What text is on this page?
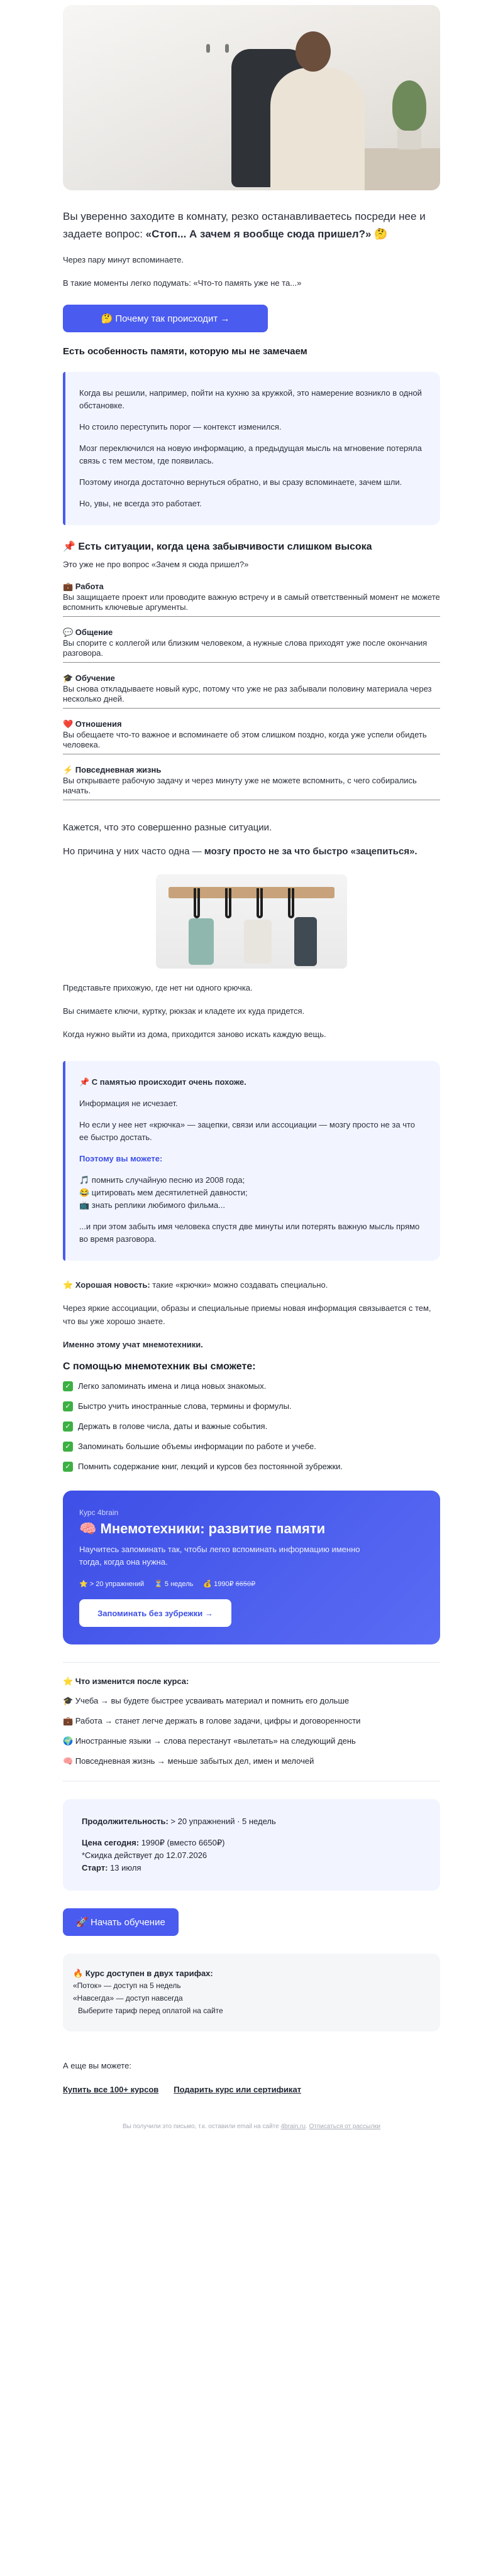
Вы уверенно заходите в комнату, резко останавливаетесь посреди нее и задаете вопрос: «Стоп... А зачем я вообще сюда пришел?» 🤔

Через пару минут вспоминаете.

В такие моменты легко подумать: «Что-то память уже не та...»

🤔 Почему так происходит →
Есть особенность памяти, которую мы не замечаем

Когда вы решили, например, пойти на кухню за кружкой, это намерение возникло в одной обстановке.

Но стоило переступить порог — контекст изменился.

Мозг переключился на новую информацию, а предыдущая мысль на мгновение потеряла связь с тем местом, где появилась.

Поэтому иногда достаточно вернуться обратно, и вы сразу вспоминаете, зачем шли.

Но, увы, не всегда это работает.

📌 Есть ситуации, когда цена забывчивости слишком высока

Это уже не про вопрос «Зачем я сюда пришел?»

💼 Работа
Вы защищаете проект или проводите важную встречу и в самый ответственный момент не можете вспомнить ключевые аргументы.
💬 Общение
Вы спорите с коллегой или близким человеком, а нужные слова приходят уже после окончания разговора.
🎓 Обучение
Вы снова откладываете новый курс, потому что уже не раз забывали половину материала через несколько дней.
❤️ Отношения
Вы обещаете что-то важное и вспоминаете об этом слишком поздно, когда уже успели обидеть человека.
⚡ Повседневная жизнь
Вы открываете рабочую задачу и через минуту уже не можете вспомнить, с чего собирались начать.
Кажется, что это совершенно разные ситуации.
Но причина у них часто одна — мозгу просто не за что быстро «зацепиться».

Представьте прихожую, где нет ни одного крючка.

Вы снимаете ключи, куртку, рюкзак и кладете их куда придется.

Когда нужно выйти из дома, приходится заново искать каждую вещь.

📌 С памятью происходит очень похоже.

Информация не исчезает.

Но если у нее нет «крючка» — зацепки, связи или ассоциации — мозгу просто не за что ее быстро достать.

Поэтому вы можете:

🎵 помнить случайную песню из 2008 года;
😂 цитировать мем десятилетней давности;
📺 знать реплики любимого фильма...

...и при этом забыть имя человека спустя две минуты или потерять важную мысль прямо во время разговора.

⭐ Хорошая новость: такие «крючки» можно создавать специально.

Через яркие ассоциации, образы и специальные приемы новая информация связывается с тем, что вы уже хорошо знаете.

Именно этому учат мнемотехники.

С помощью мнемотехник вы сможете:
✓ Легко запоминать имена и лица новых знакомых.
✓ Быстро учить иностранные слова, термины и формулы.
✓ Держать в голове числа, даты и важные события.
✓ Запоминать большие объемы информации по работе и учебе.
✓ Помнить содержание книг, лекций и курсов без постоянной зубрежки.
Курс 4brain
🧠 Мнемотехники: развитие памяти
Научитесь запоминать так, чтобы легко вспоминать информацию именно тогда, когда она нужна.
⭐ > 20 упражнений ⏳ 5 недель 💰 1990₽ 6650₽
Запоминать без зубрежки →
⭐ Что изменится после курса:
🎓 Учеба → вы будете быстрее усваивать материал и помнить его дольше
💼 Работа → станет легче держать в голове задачи, цифры и договоренности
🌍 Иностранные языки → слова перестанут «вылетать» на следующий день
🧠 Повседневная жизнь → меньше забытых дел, имен и мелочей
Продолжительность: > 20 упражнений · 5 недель
Цена сегодня: 1990₽ (вместо 6650₽)
*Скидка действует до 12.07.2026
Старт: 13 июля
🚀 Начать обучение
🔥 Курс доступен в двух тарифах:
«Поток» — доступ на 5 недель
«Навсегда» — доступ навсегда
Выберите тариф перед оплатой на сайте

А еще вы можете:

Купить все 100+ курсов Подарить курс или сертификат
Вы получили это письмо, т.к. оставили email на сайте 4brain.ru. Отписаться от рассылки
